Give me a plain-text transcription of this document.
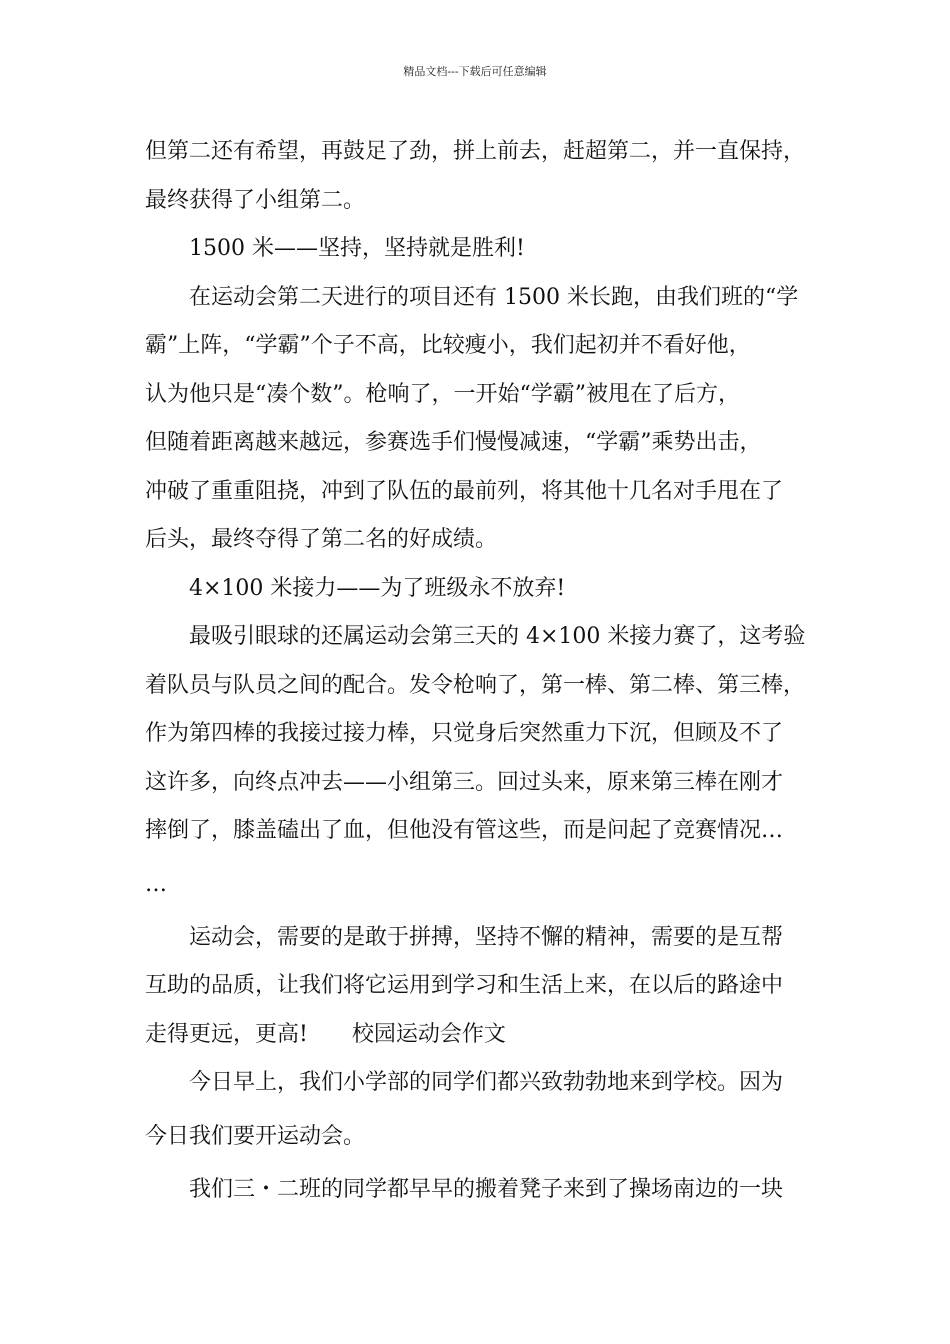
精品文档---下载后可任意编辑
但第二还有希望，再鼓足了劲，拼上前去，赶超第二，并一直保持，
最终获得了小组第二。
1500 米——坚持，坚持就是胜利!
在运动会第二天进行的项目还有 1500 米长跑，由我们班的“学
霸”上阵，“学霸”个子不高，比较瘦小，我们起初并不看好他，
认为他只是“凑个数”。枪响了，一开始“学霸”被甩在了后方，
但随着距离越来越远，参赛选手们慢慢减速，“学霸”乘势出击，
冲破了重重阻挠，冲到了队伍的最前列，将其他十几名对手甩在了
后头，最终夺得了第二名的好成绩。
4×100 米接力——为了班级永不放弃!
最吸引眼球的还属运动会第三天的 4×100 米接力赛了，这考验
着队员与队员之间的配合。发令枪响了，第一棒、第二棒、第三棒，
作为第四棒的我接过接力棒，只觉身后突然重力下沉，但顾及不了
这许多，向终点冲去——小组第三。回过头来，原来第三棒在刚才
摔倒了，膝盖磕出了血，但他没有管这些，而是问起了竞赛情况…
…
运动会，需要的是敢于拼搏，坚持不懈的精神，需要的是互帮
互助的品质，让我们将它运用到学习和生活上来，在以后的路途中
走得更远，更高!　　校园运动会作文
今日早上，我们小学部的同学们都兴致勃勃地来到学校。因为
今日我们要开运动会。
我们三・二班的同学都早早的搬着凳子来到了操场南边的一块
